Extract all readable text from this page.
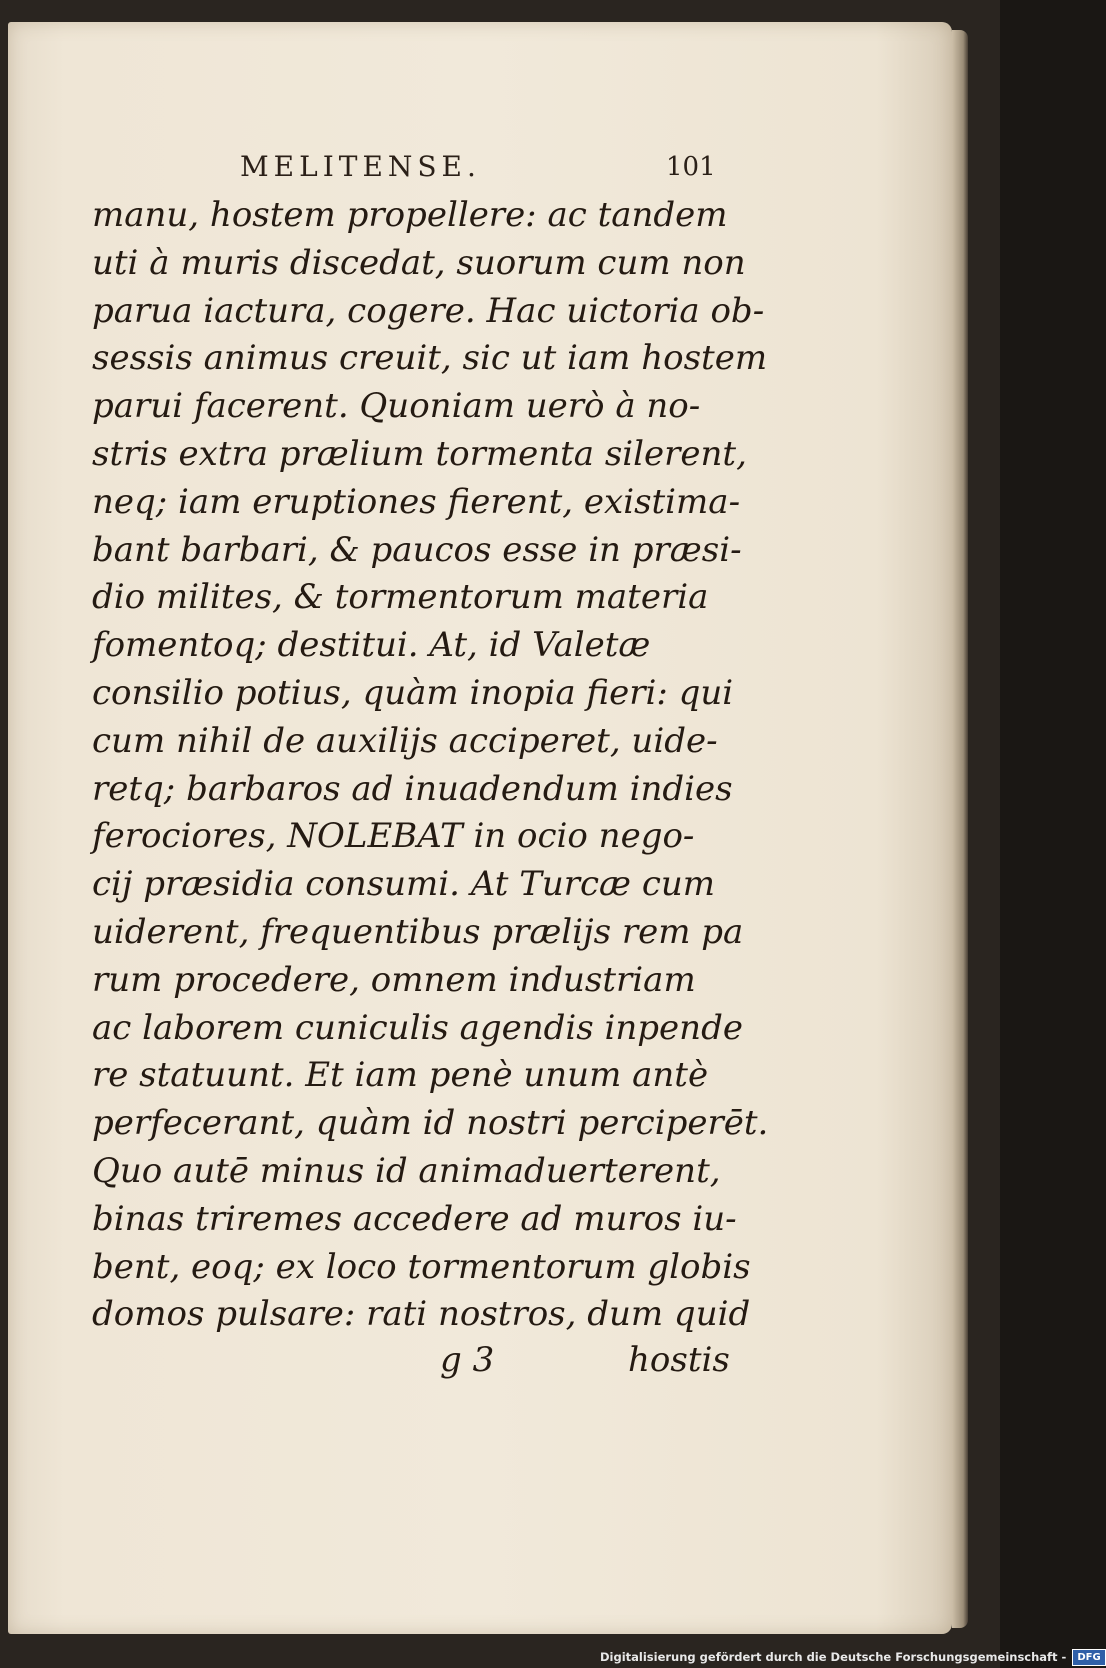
MELITENSE.	101
manu, hostem propellere: ac tandem
uti à muris discedat, suorum cum non
parua iactura, cogere. Hac uictoria ob-
sessis animus creuit, sic ut iam hostem
parui facerent. Quoniam uerò à no-
stris extra prælium tormenta silerent,
neq; iam eruptiones fierent, existima-
bant barbari, & paucos esse in præsi-
dio milites, & tormentorum materia
fomentoq; destitui. At, id Valetæ
consilio potius, quàm inopia fieri: qui
cum nihil de auxilijs acciperet, uide-
retq; barbaros ad inuadendum indies
ferociores, NOLEBAT in ocio nego-
cij præsidia consumi. At Turcæ cum
uiderent, frequentibus prælijs rem pa
rum procedere, omnem industriam
ac laborem cuniculis agendis inpende
re statuunt. Et iam penè unum antè
perfecerant, quàm id nostri perciperēt.
Quo autē minus id animaduerterent,
binas triremes accedere ad muros iu-
bent, eoq; ex loco tormentorum globis
domos pulsare: rati nostros, dum quid
g 3	hostis
Digitalisierung gefördert durch die Deutsche Forschungsgemeinschaft -	DFG
